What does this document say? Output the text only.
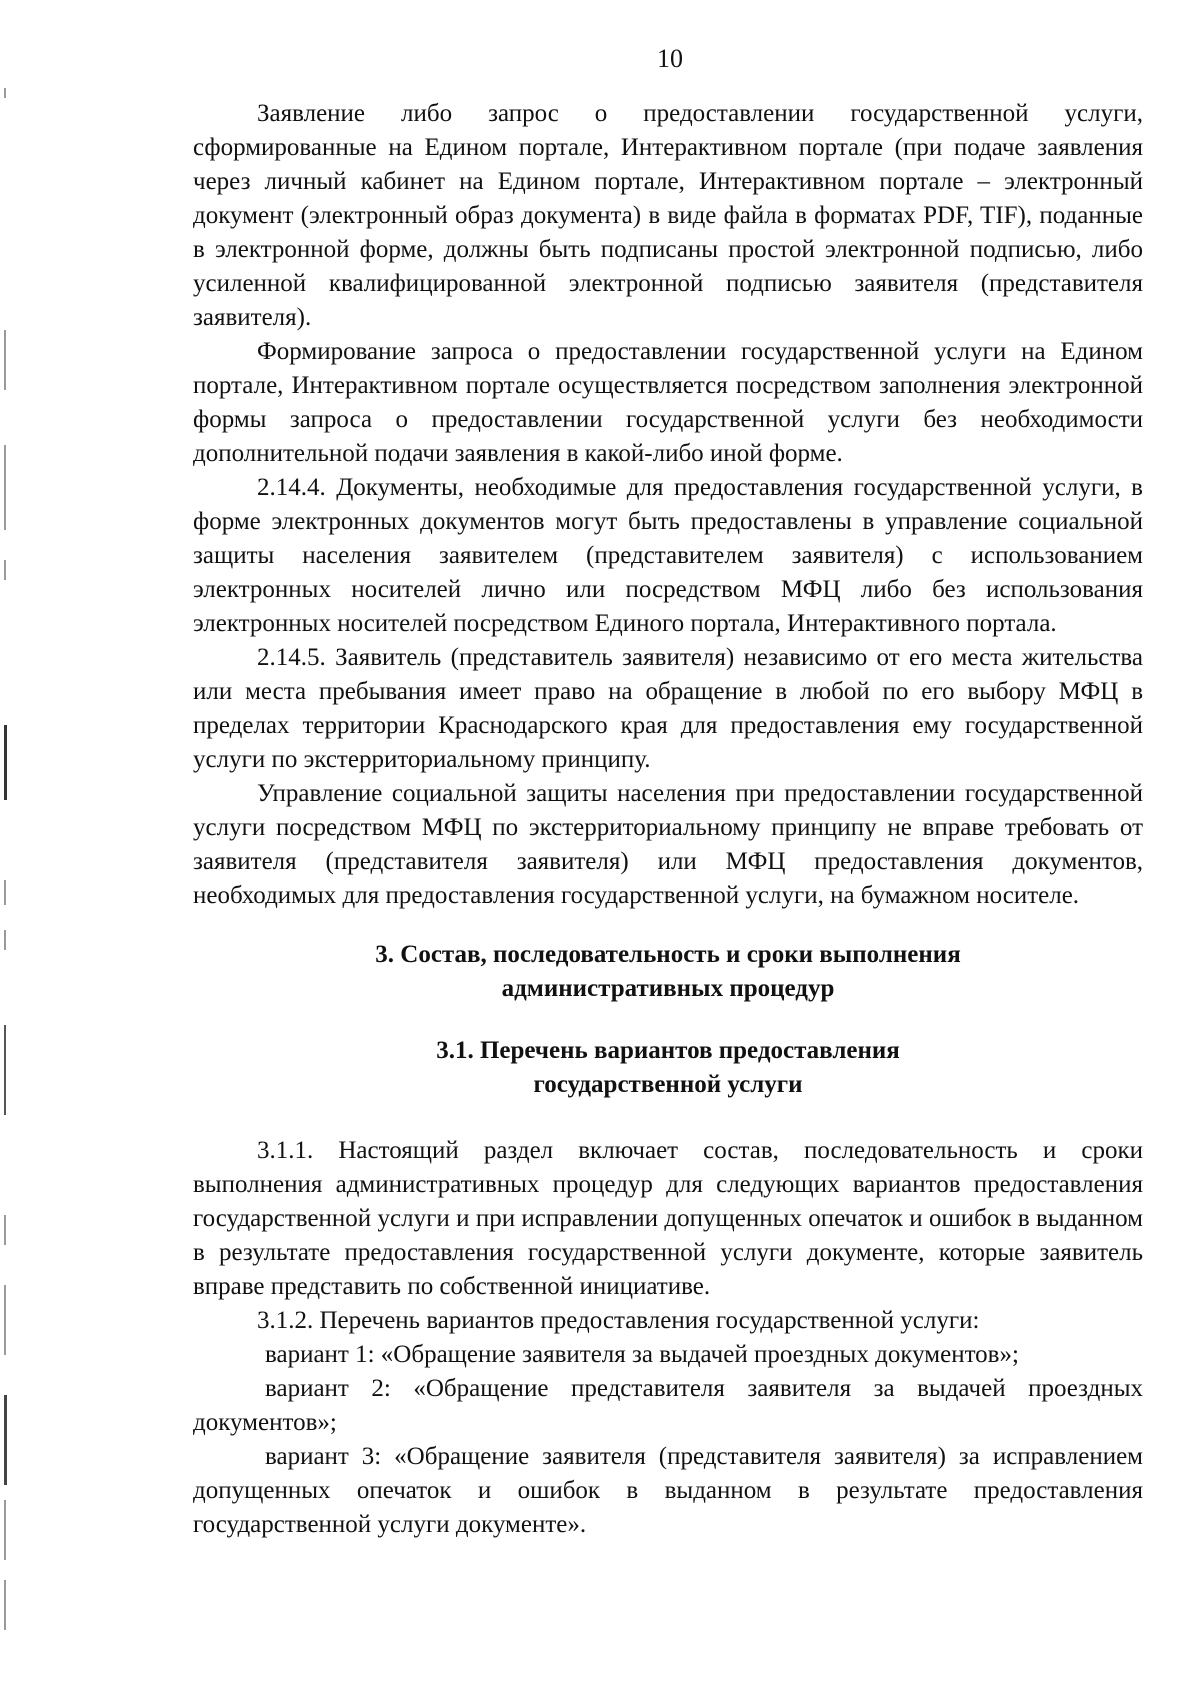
10

Заявление либо запрос о предоставлении государственной услуги, сформированные на Едином портале, Интерактивном портале (при подаче заявления через личный кабинет на Едином портале, Интерактивном портале – электронный документ (электронный образ документа) в виде файла в форматах PDF, TIF), поданные в электронной форме, должны быть подписаны простой электронной подписью, либо усиленной квалифицированной электронной подписью заявителя (представителя заявителя).

Формирование запроса о предоставлении государственной услуги на Едином портале, Интерактивном портале осуществляется посредством заполнения электронной формы запроса о предоставлении государственной услуги без необходимости дополнительной подачи заявления в какой-либо иной форме.

2.14.4. Документы, необходимые для предоставления государственной услуги, в форме электронных документов могут быть предоставлены в управление социальной защиты населения заявителем (представителем заявителя) с использованием электронных носителей лично или посредством МФЦ либо без использования электронных носителей посредством Единого портала, Интерактивного портала.

2.14.5. Заявитель (представитель заявителя) независимо от его места жительства или места пребывания имеет право на обращение в любой по его выбору МФЦ в пределах территории Краснодарского края для предоставления ему государственной услуги по экстерриториальному принципу.

Управление социальной защиты населения при предоставлении государственной услуги посредством МФЦ по экстерриториальному принципу не вправе требовать от заявителя (представителя заявителя) или МФЦ предоставления документов, необходимых для предоставления государственной услуги, на бумажном носителе.

3. Состав, последовательность и сроки выполнения
административных процедур
3.1. Перечень вариантов предоставления
государственной услуги

3.1.1. Настоящий раздел включает состав, последовательность и сроки выполнения административных процедур для следующих вариантов предоставления государственной услуги и при исправлении допущенных опечаток и ошибок в выданном в результате предоставления государственной услуги документе, которые заявитель вправе представить по собственной инициативе.

3.1.2. Перечень вариантов предоставления государственной услуги:

вариант 1: «Обращение заявителя за выдачей проездных документов»;

вариант 2: «Обращение представителя заявителя за выдачей проездных документов»;

вариант 3: «Обращение заявителя (представителя заявителя) за исправлением допущенных опечаток и ошибок в выданном в результате предоставления государственной услуги документе».
